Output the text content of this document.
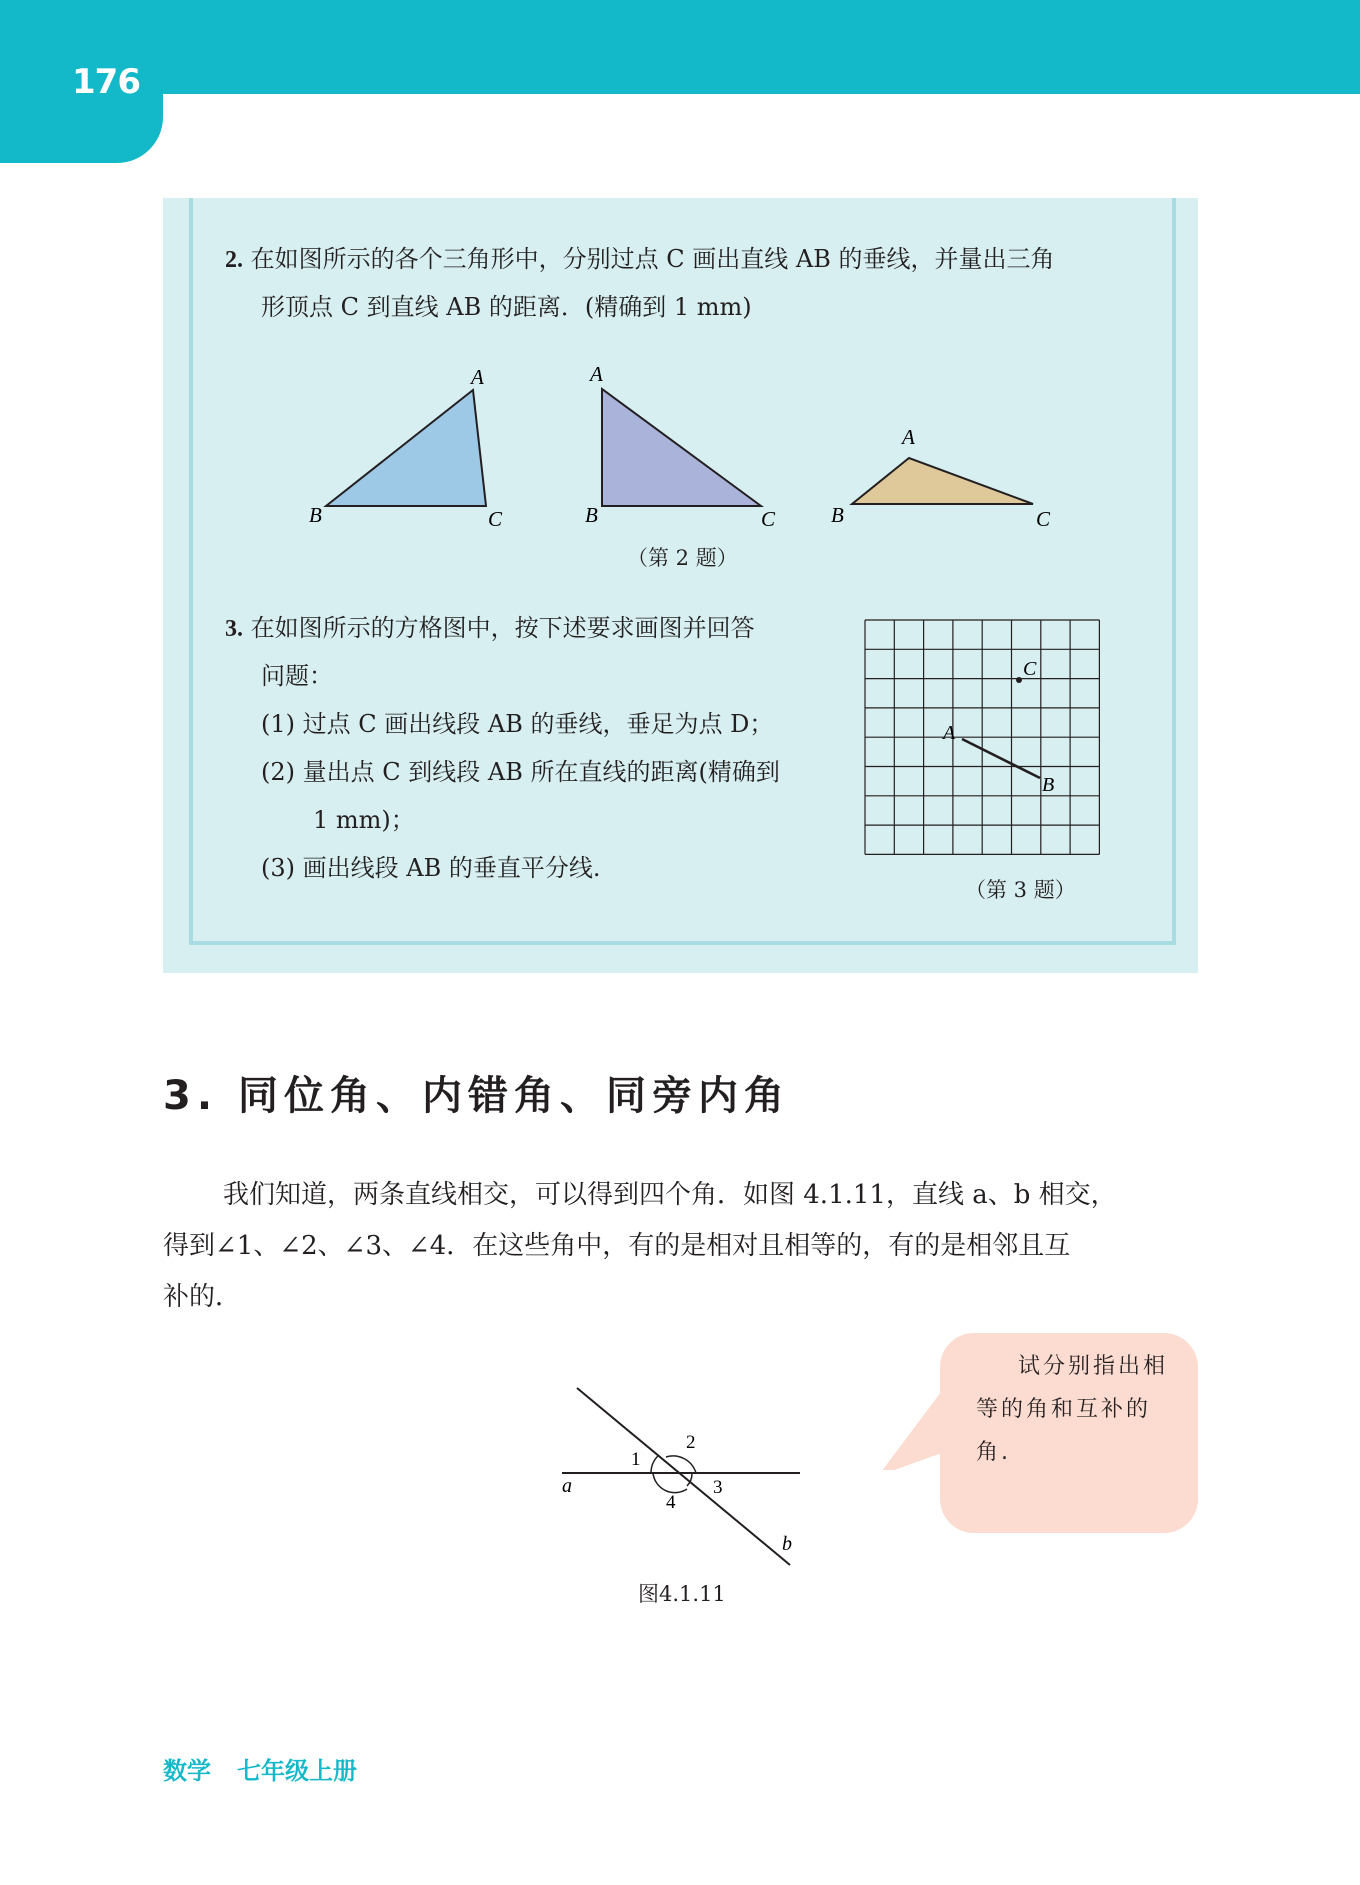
176
2. 在如图所示的各个三角形中，分别过点 C 画出直线 AB 的垂线，并量出三角
形顶点 C 到直线 AB 的距离．(精确到 1 mm)
A
B	C
A
B	C
A
B	C
（第 2 题）
3. 在如图所示的方格图中，按下述要求画图并回答
问题：
(1) 过点 C 画出线段 AB 的垂线，垂足为点 D；
(2) 量出点 C 到线段 AB 所在直线的距离(精确到
1 mm)；
(3) 画出线段 AB 的垂直平分线.
C
A
B
（第 3 题）
3. 同位角、内错角、同旁内角
我们知道，两条直线相交，可以得到四个角．如图 4.1.11，直线 a、b 相交，
得到∠1、∠2、∠3、∠4．在这些角中，有的是相对且相等的，有的是相邻且互
补的．
1
2
3
4
a
b
图4.1.11
试分别指出相
等的角和互补的
角.
数学 七年级上册
